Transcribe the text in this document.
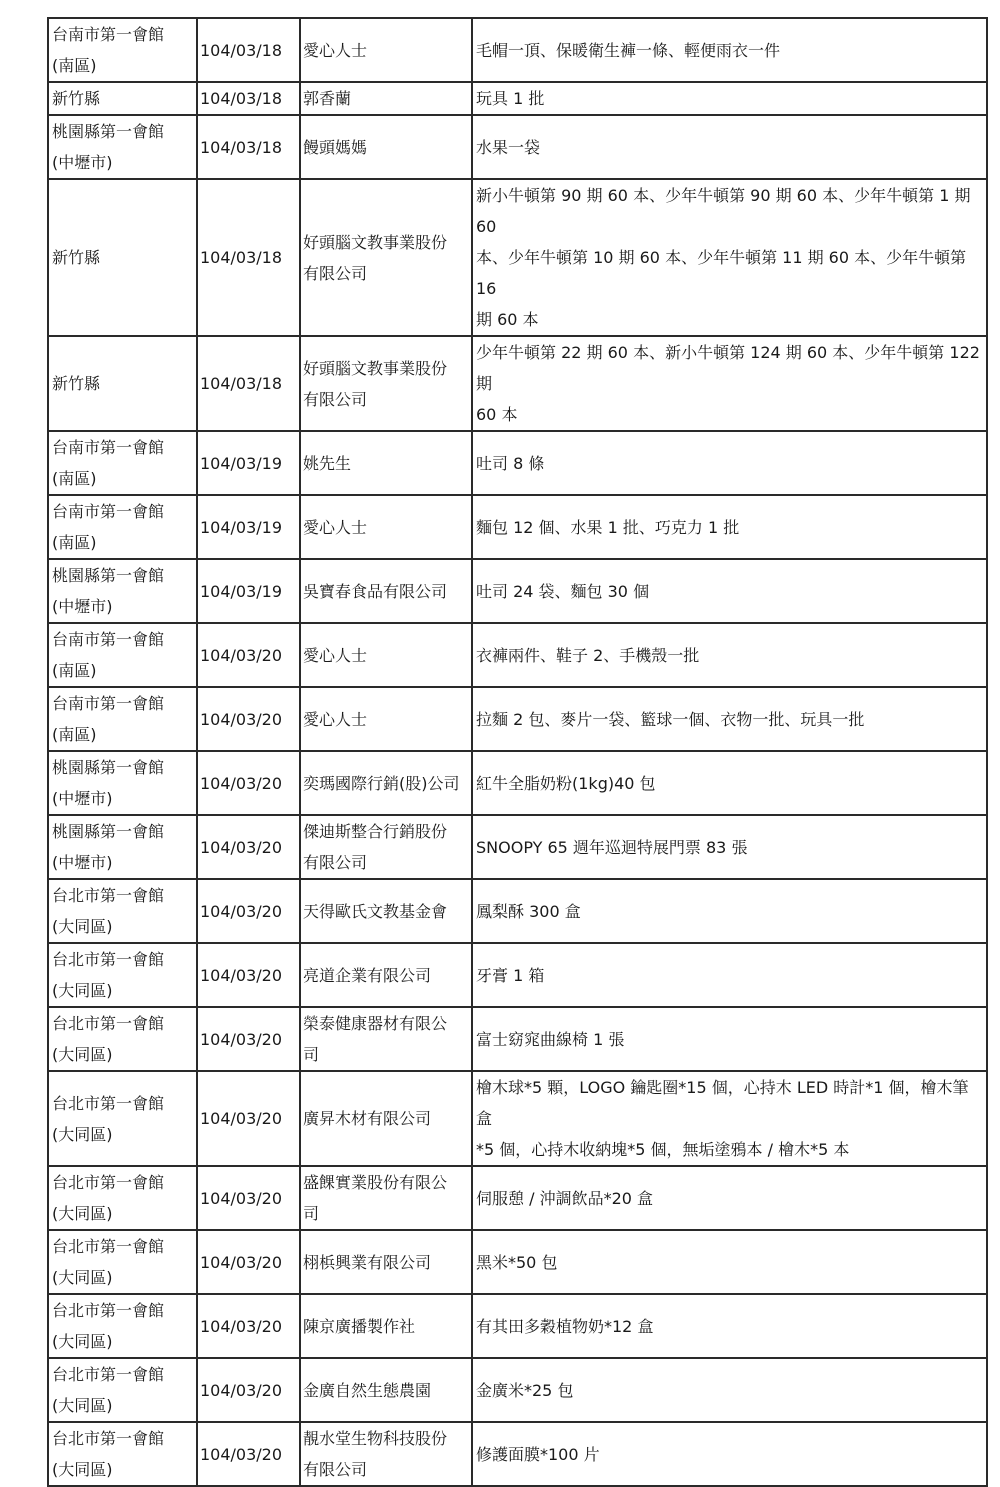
台南市第一會館
(南區)	104/03/18	愛心人士	毛帽一頂、保暖衛生褲一條、輕便雨衣一件

新竹縣	104/03/18	郭香蘭	玩具 1 批

桃園縣第一會館
(中壢市)	104/03/18	饅頭媽媽	水果一袋

新竹縣	104/03/18	好頭腦文教事業股份
有限公司	新小牛頓第 90 期 60 本、少年牛頓第 90 期 60 本、少年牛頓第 1 期 60
本、少年牛頓第 10 期 60 本、少年牛頓第 11 期 60 本、少年牛頓第 16
期 60 本

新竹縣	104/03/18	好頭腦文教事業股份
有限公司	少年牛頓第 22 期 60 本、新小牛頓第 124 期 60 本、少年牛頓第 122 期
60 本

台南市第一會館
(南區)	104/03/19	姚先生	吐司 8 條

台南市第一會館
(南區)	104/03/19	愛心人士	麵包 12 個、水果 1 批、巧克力 1 批

桃園縣第一會館
(中壢市)	104/03/19	吳寶春食品有限公司	吐司 24 袋、麵包 30 個

台南市第一會館
(南區)	104/03/20	愛心人士	衣褲兩件、鞋子 2、手機殼一批

台南市第一會館
(南區)	104/03/20	愛心人士	拉麵 2 包、麥片一袋、籃球一個、衣物一批、玩具一批

桃園縣第一會館
(中壢市)	104/03/20	奕瑪國際行銷(股)公司	紅牛全脂奶粉(1kg)40 包

桃園縣第一會館
(中壢市)	104/03/20	傑迪斯整合行銷股份
有限公司	SNOOPY 65 週年巡迴特展門票 83 張

台北市第一會館
(大同區)	104/03/20	天得歐氏文教基金會	鳳梨酥 300 盒

台北市第一會館
(大同區)	104/03/20	亮道企業有限公司	牙膏 1 箱

台北市第一會館
(大同區)	104/03/20	榮泰健康器材有限公
司	富士窈窕曲線椅 1 張

台北市第一會館
(大同區)	104/03/20	廣昇木材有限公司	檜木球*5 顆，LOGO 鑰匙圈*15 個，心持木 LED 時計*1 個，檜木筆盒
*5 個，心持木收納塊*5 個，無垢塗鴉本 / 檜木*5 本

台北市第一會館
(大同區)	104/03/20	盛餜實業股份有限公
司	伺服憩 / 沖調飲品*20 盒

台北市第一會館
(大同區)	104/03/20	栩梹興業有限公司	黑米*50 包

台北市第一會館
(大同區)	104/03/20	陳京廣播製作社	有其田多穀植物奶*12 盒

台北市第一會館
(大同區)	104/03/20	金廣自然生態農園	金廣米*25 包

台北市第一會館
(大同區)	104/03/20	靚水堂生物科技股份
有限公司	修護面膜*100 片
